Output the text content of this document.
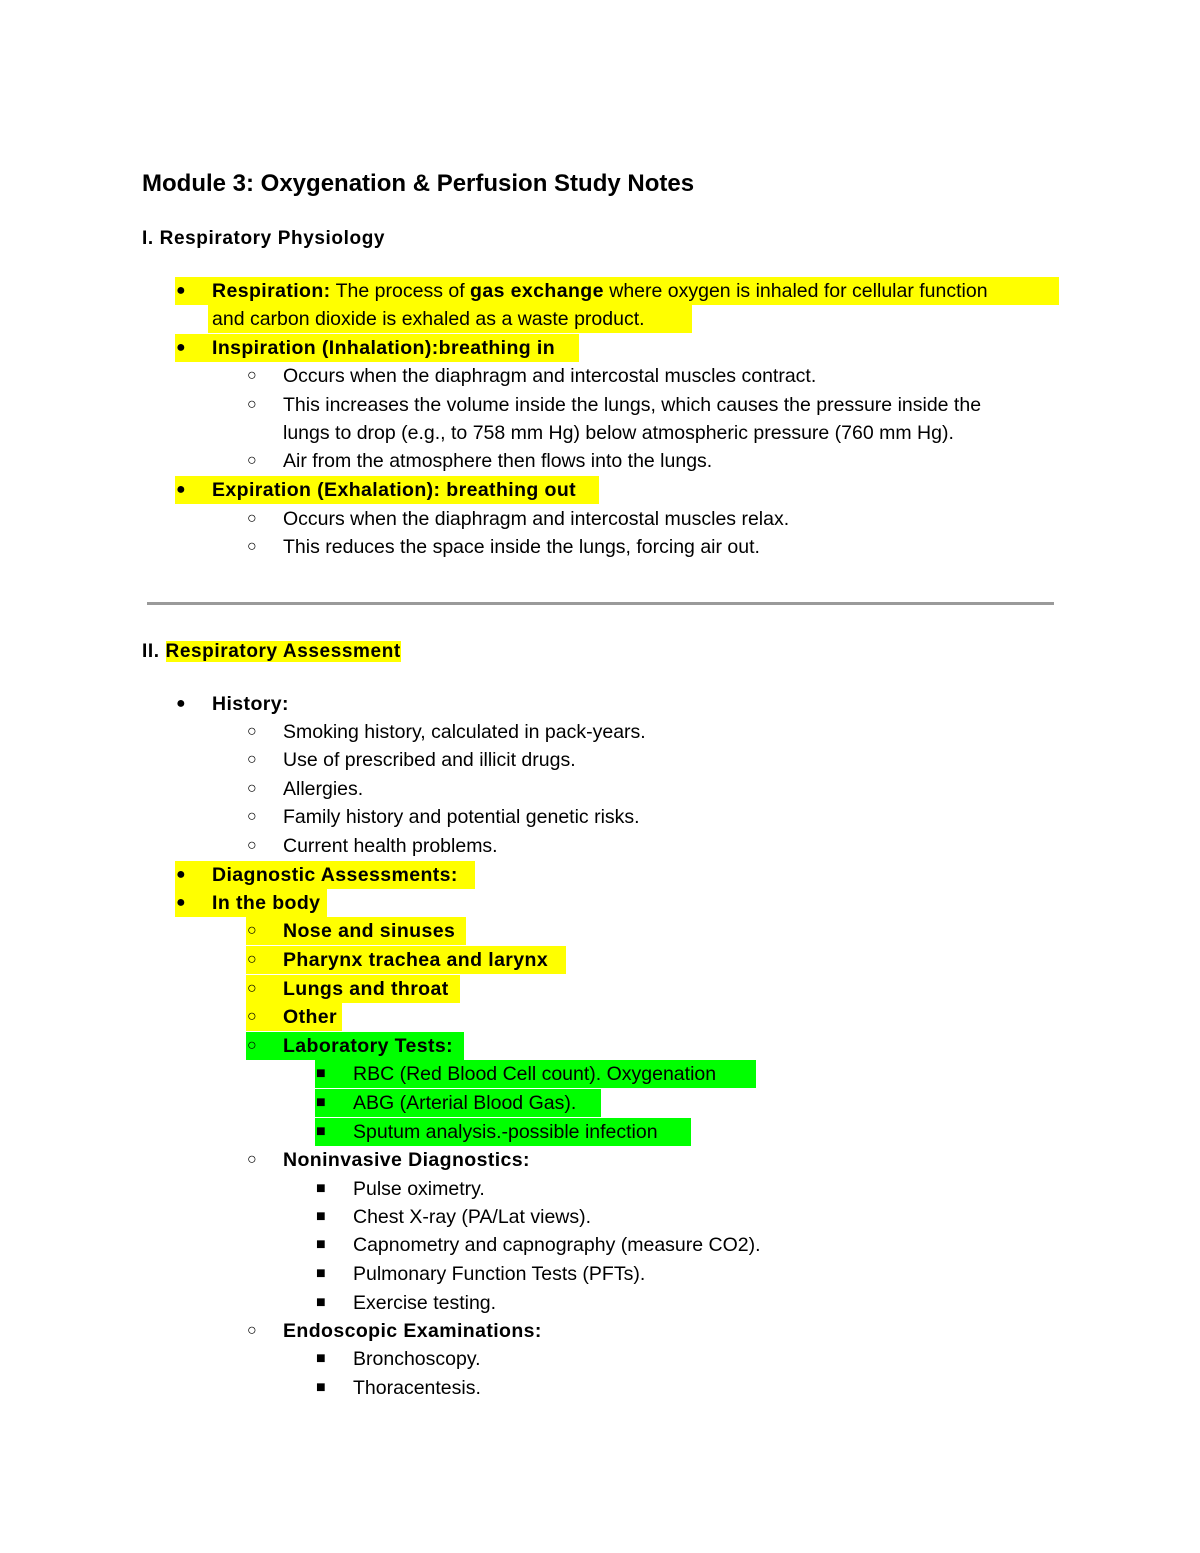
Module 3: Oxygenation & Perfusion Study Notes
I. Respiratory Physiology
● Respiration: The process of gas exchange where oxygen is inhaled for cellular function
and carbon dioxide is exhaled as a waste product.
● Inspiration (Inhalation):breathing in
○ Occurs when the diaphragm and intercostal muscles contract.
○ This increases the volume inside the lungs, which causes the pressure inside the
lungs to drop (e.g., to 758 mm Hg) below atmospheric pressure (760 mm Hg).
○ Air from the atmosphere then flows into the lungs.
● Expiration (Exhalation): breathing out
○ Occurs when the diaphragm and intercostal muscles relax.
○ This reduces the space inside the lungs, forcing air out.
II. Respiratory Assessment
● History:
○ Smoking history, calculated in pack-years.
○ Use of prescribed and illicit drugs.
○ Allergies.
○ Family history and potential genetic risks.
○ Current health problems.
● Diagnostic Assessments:
● In the body
○ Nose and sinuses
○ Pharynx trachea and larynx
○ Lungs and throat
○ Other
○ Laboratory Tests:
■ RBC (Red Blood Cell count). Oxygenation
■ ABG (Arterial Blood Gas).
■ Sputum analysis.-possible infection
○ Noninvasive Diagnostics:
■ Pulse oximetry.
■ Chest X-ray (PA/Lat views).
■ Capnometry and capnography (measure CO2).
■ Pulmonary Function Tests (PFTs).
■ Exercise testing.
○ Endoscopic Examinations:
■ Bronchoscopy.
■ Thoracentesis.
